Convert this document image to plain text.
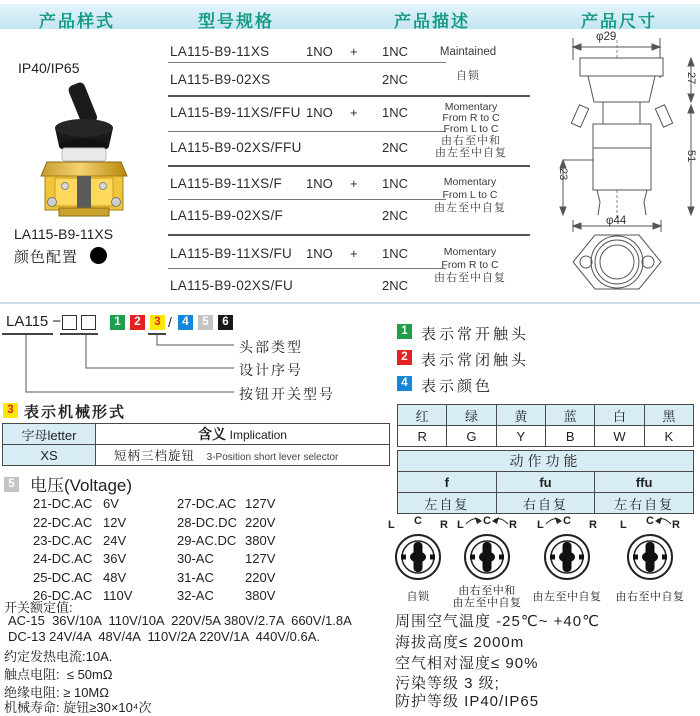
产品样式	型号规格	产品描述	产品尺寸
IP40/IP65
LA115-B9-11XS
颜色配置
LA115-B9-11XS	1NO + 1NC
LA115-B9-02XS	2NC
Maintained
自锁
LA115-B9-11XS/FFU 1NO + 1NC
LA115-B9-02XS/FFU	2NC
Momentary
From R to C
From L to C
由右至中和
由左至中自复
LA115-B9-11XS/F 1NO + 1NC
LA115-B9-02XS/F	2NC
Momentary
From L to C
由左至中自复
LA115-B9-11XS/FU 1NO + 1NC
LA115-B9-02XS/FU	2NC
Momentary
From R to C
由右至中自复
φ29
27
51
23
φ44
LA115 −	1	2	3 / 4	5	6
头部类型
设计序号
按钮开关型号
1 表示常开触头
2 表示常闭触头
4 表示颜色
红	绿	黄	蓝	白	黑
R	G	Y	B	W	K
3 表示机械形式
字母letter	含义 Implication
XS	短柄三档旋钮 3-Position short lever selector
5 电压(Voltage)
21-DC.AC 6V
22-DC.AC 12V
23-DC.AC 24V
24-DC.AC 36V
25-DC.AC 48V
26-DC.AC 110V
27-DC.AC 127V
28-DC.DC 220V
29-AC.DC 380V
30-AC 127V
31-AC 220V
32-AC 380V
开关额定值:
AC-15  36V/10A  110V/10A  220V/5A 380V/2.7A  660V/1.8A
DC-13 24V/4A  48V/4A  110V/2A 220V/1A  440V/0.6A.
约定发热电流:10A.
触点电阻:  ≤ 50mΩ
绝缘电阻: ≥ 10MΩ
机械寿命: 旋钮≥30×10⁴次
动作功能		
f	fu	ffu
左自复	右自复	左右自复
L C R
自锁
L C R
由右至中和
由左至中自复
L C R
由左至中自复
L C R
由右至中自复
周围空气温度 -25℃~ +40℃
海拔高度≤ 2000m
空气相对湿度≤ 90%
污染等级 3 级;
防护等级 IP40/IP65
